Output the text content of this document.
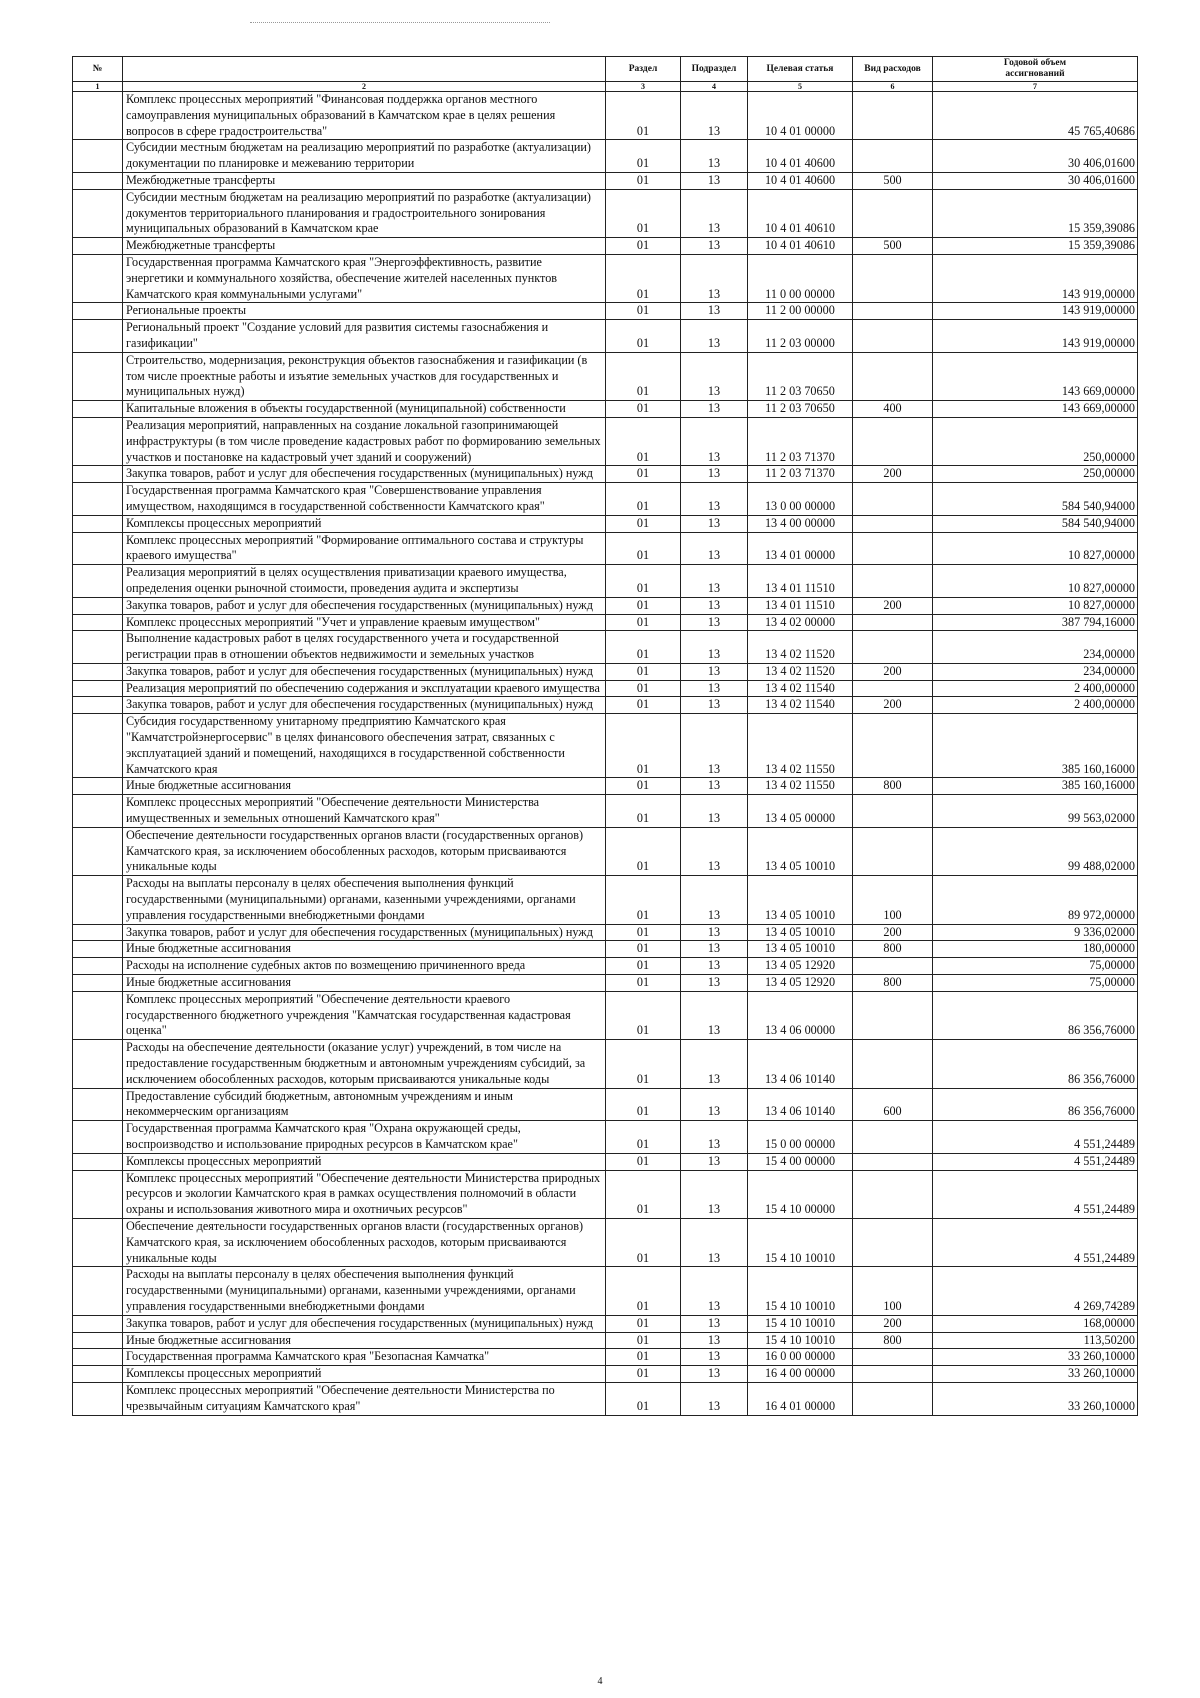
№		Раздел	Подраздел	Целевая статья	Вид расходов	Годовой объем
ассигнований
1	2	3	4	5	6	7
	Комплекс процессных мероприятий "Финансовая поддержка органов местного самоуправления муниципальных образований в Камчатском крае в целях решения вопросов в сфере градостроительства"	01	13	10 4 01 00000		45 765,40686
	Субсидии местным бюджетам на реализацию мероприятий по разработке (актуализации) документации по планировке и межеванию территории	01	13	10 4 01 40600		30 406,01600
	Межбюджетные трансферты	01	13	10 4 01 40600	500	30 406,01600
	Субсидии местным бюджетам на реализацию мероприятий по разработке (актуализации) документов территориального планирования и градостроительного зонирования муниципальных образований в Камчатском крае	01	13	10 4 01 40610		15 359,39086
	Межбюджетные трансферты	01	13	10 4 01 40610	500	15 359,39086
	Государственная программа Камчатского края "Энергоэффективность, развитие энергетики и коммунального хозяйства, обеспечение жителей населенных пунктов Камчатского края коммунальными услугами"	01	13	11 0 00 00000		143 919,00000
	Региональные проекты	01	13	11 2 00 00000		143 919,00000
	Региональный проект "Создание условий для развития системы газоснабжения и газификации"	01	13	11 2 03 00000		143 919,00000
	Строительство, модернизация, реконструкция объектов газоснабжения и газификации (в том числе проектные работы и изъятие земельных участков для государственных и муниципальных нужд)	01	13	11 2 03 70650		143 669,00000
	Капитальные вложения в объекты государственной (муниципальной) собственности	01	13	11 2 03 70650	400	143 669,00000
	Реализация мероприятий, направленных на создание локальной газопринимающей инфраструктуры (в том числе проведение кадастровых работ по формированию земельных участков и постановке на кадастровый учет зданий и сооружений)	01	13	11 2 03 71370		250,00000
	Закупка товаров, работ и услуг для обеспечения государственных (муниципальных) нужд	01	13	11 2 03 71370	200	250,00000
	Государственная программа Камчатского края "Совершенствование управления имуществом, находящимся в государственной собственности Камчатского края"	01	13	13 0 00 00000		584 540,94000
	Комплексы процессных мероприятий	01	13	13 4 00 00000		584 540,94000
	Комплекс процессных мероприятий "Формирование оптимального состава и структуры краевого имущества"	01	13	13 4 01 00000		10 827,00000
	Реализация мероприятий в целях осуществления приватизации краевого имущества, определения оценки рыночной стоимости, проведения аудита и экспертизы	01	13	13 4 01 11510		10 827,00000
	Закупка товаров, работ и услуг для обеспечения государственных (муниципальных) нужд	01	13	13 4 01 11510	200	10 827,00000
	Комплекс процессных мероприятий "Учет и управление краевым имуществом"	01	13	13 4 02 00000		387 794,16000
	Выполнение кадастровых работ в целях государственного учета и государственной регистрации прав в отношении объектов недвижимости и земельных участков	01	13	13 4 02 11520		234,00000
	Закупка товаров, работ и услуг для обеспечения государственных (муниципальных) нужд	01	13	13 4 02 11520	200	234,00000
	Реализация мероприятий по обеспечению содержания и эксплуатации краевого имущества	01	13	13 4 02 11540		2 400,00000
	Закупка товаров, работ и услуг для обеспечения государственных (муниципальных) нужд	01	13	13 4 02 11540	200	2 400,00000
	Субсидия государственному унитарному предприятию Камчатского края "Камчатстройэнергосервис" в целях финансового обеспечения затрат, связанных с эксплуатацией зданий и помещений, находящихся в государственной собственности Камчатского края	01	13	13 4 02 11550		385 160,16000
	Иные бюджетные ассигнования	01	13	13 4 02 11550	800	385 160,16000
	Комплекс процессных мероприятий "Обеспечение деятельности Министерства имущественных и земельных отношений Камчатского края"	01	13	13 4 05 00000		99 563,02000
	Обеспечение деятельности государственных органов власти (государственных органов) Камчатского края, за исключением обособленных расходов, которым присваиваются уникальные коды	01	13	13 4 05 10010		99 488,02000
	Расходы на выплаты персоналу в целях обеспечения выполнения функций государственными (муниципальными) органами, казенными учреждениями, органами управления государственными внебюджетными фондами	01	13	13 4 05 10010	100	89 972,00000
	Закупка товаров, работ и услуг для обеспечения государственных (муниципальных) нужд	01	13	13 4 05 10010	200	9 336,02000
	Иные бюджетные ассигнования	01	13	13 4 05 10010	800	180,00000
	Расходы на исполнение судебных актов по возмещению причиненного вреда	01	13	13 4 05 12920		75,00000
	Иные бюджетные ассигнования	01	13	13 4 05 12920	800	75,00000
	Комплекс процессных мероприятий "Обеспечение деятельности краевого государственного бюджетного учреждения "Камчатская государственная кадастровая оценка"	01	13	13 4 06 00000		86 356,76000
	Расходы на обеспечение деятельности (оказание услуг) учреждений, в том числе на предоставление государственным бюджетным и автономным учреждениям субсидий, за исключением обособленных расходов, которым присваиваются уникальные коды	01	13	13 4 06 10140		86 356,76000
	Предоставление субсидий бюджетным, автономным учреждениям и иным некоммерческим организациям	01	13	13 4 06 10140	600	86 356,76000
	Государственная программа Камчатского края "Охрана окружающей среды, воспроизводство и использование природных ресурсов в Камчатском крае"	01	13	15 0 00 00000		4 551,24489
	Комплексы процессных мероприятий	01	13	15 4 00 00000		4 551,24489
	Комплекс процессных мероприятий "Обеспечение деятельности Министерства природных ресурсов и экологии Камчатского края в рамках осуществления полномочий в области охраны и использования животного мира и охотничьих ресурсов"	01	13	15 4 10 00000		4 551,24489
	Обеспечение деятельности государственных органов власти (государственных органов) Камчатского края, за исключением обособленных расходов, которым присваиваются уникальные коды	01	13	15 4 10 10010		4 551,24489
	Расходы на выплаты персоналу в целях обеспечения выполнения функций государственными (муниципальными) органами, казенными учреждениями, органами управления государственными внебюджетными фондами	01	13	15 4 10 10010	100	4 269,74289
	Закупка товаров, работ и услуг для обеспечения государственных (муниципальных) нужд	01	13	15 4 10 10010	200	168,00000
	Иные бюджетные ассигнования	01	13	15 4 10 10010	800	113,50200
	Государственная программа Камчатского края "Безопасная Камчатка"	01	13	16 0 00 00000		33 260,10000
	Комплексы процессных мероприятий	01	13	16 4 00 00000		33 260,10000
	Комплекс процессных мероприятий "Обеспечение деятельности Министерства по чрезвычайным ситуациям Камчатского края"	01	13	16 4 01 00000		33 260,10000
4
